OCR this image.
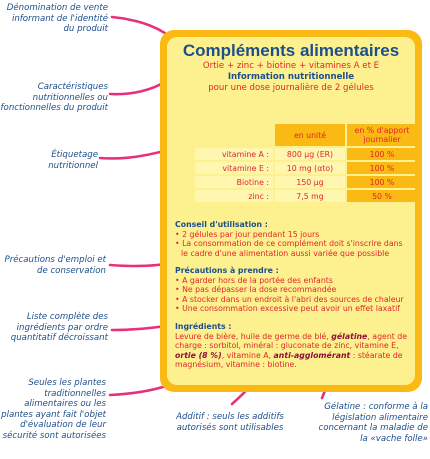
Dénomination de vente informant de l'identité du produit
Caractéristiques nutritionnelles ou fonctionnelles du produit
Étiquetage nutritionnel
Précautions d'emploi et de conservation
Liste complète des ingrédients par ordre quantitatif décroissant
Seules les plantes traditionnelles alimentaires ou les plantes ayant fait l'objet d'évaluation de leur sécurité sont autorisées
Additif : seuls les additifs autorisés sont utilisables
Gélatine : conforme à la législation alimentaire concernant la maladie de la «vache folle»
Compléments alimentaires
Ortie + zinc + biotine + vitamines A et E
Information nutritionnelle
pour une dose journalière de 2 gélules
	en unité	en % d'apport journalier
vitamine A :	800 µg (ER)	100 %
vitamine E :	10 mg (αto)	100 %
Biotine :	150 µg	100 %
zinc :	7,5 mg	50 %
Conseil d'utilisation :
• 2 gélules par jour pendant 15 jours
• La consommation de ce complément doit s'inscrire dans
le cadre d'une alimentation aussi variée que possible
Précautions à prendre :
• A garder hors de la portée des enfants
• Ne pas dépasser la dose recommandée
• A stocker dans un endroit à l'abri des sources de chaleur
• Une consommation excessive peut avoir un effet laxatif
Ingrédients :
Levure de bière, huile de germe de blé, gélatine, agent de charge : sorbitol, minéral : gluconate de zinc, vitamine E, ortie (8 %), vitamine A, anti-agglomérant : stéarate de magnésium, vitamine : biotine.
